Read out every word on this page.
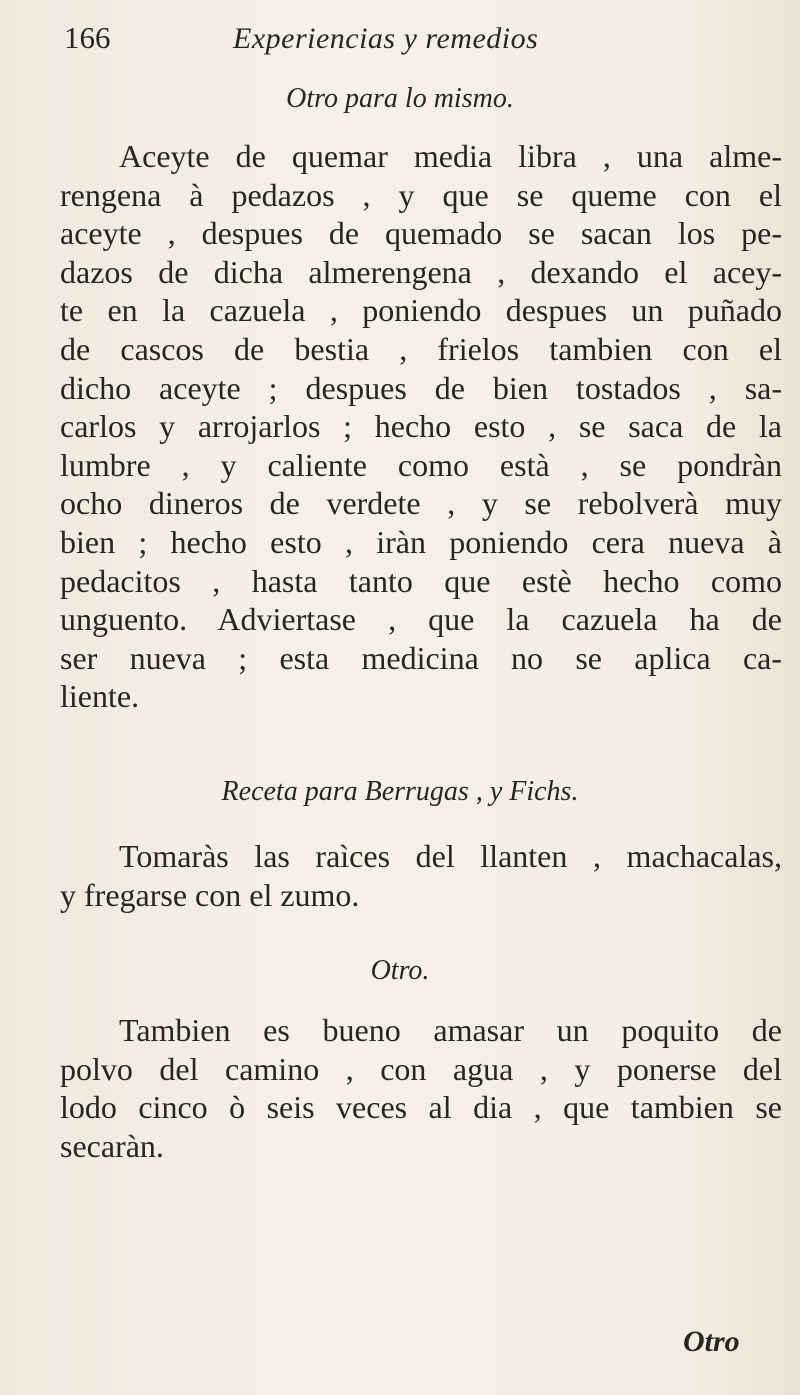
166	Experiencias y remedios
Otro para lo mismo.
Aceyte de quemar media libra , una alme-
rengena à pedazos , y que se queme con el
aceyte , despues de quemado se sacan los pe-
dazos de dicha almerengena , dexando el acey-
te en la cazuela , poniendo despues un puñado
de cascos de bestia , frielos tambien con el
dicho aceyte ; despues de bien tostados , sa-
carlos y arrojarlos ; hecho esto , se saca de la
lumbre , y caliente como està , se pondràn
ocho dineros de verdete , y se rebolverà muy
bien ; hecho esto , iràn poniendo cera nueva à
pedacitos , hasta tanto que estè hecho como
unguento. Adviertase , que la cazuela ha de
ser nueva ; esta medicina no se aplica ca-
liente.
Receta para Berrugas , y Fichs.
Tomaràs las raìces del llanten , machacalas,
y fregarse con el zumo.
Otro.
Tambien es bueno amasar un poquito de
polvo del camino , con agua , y ponerse del
lodo cinco ò seis veces al dia , que tambien se
secaràn.
Otro
